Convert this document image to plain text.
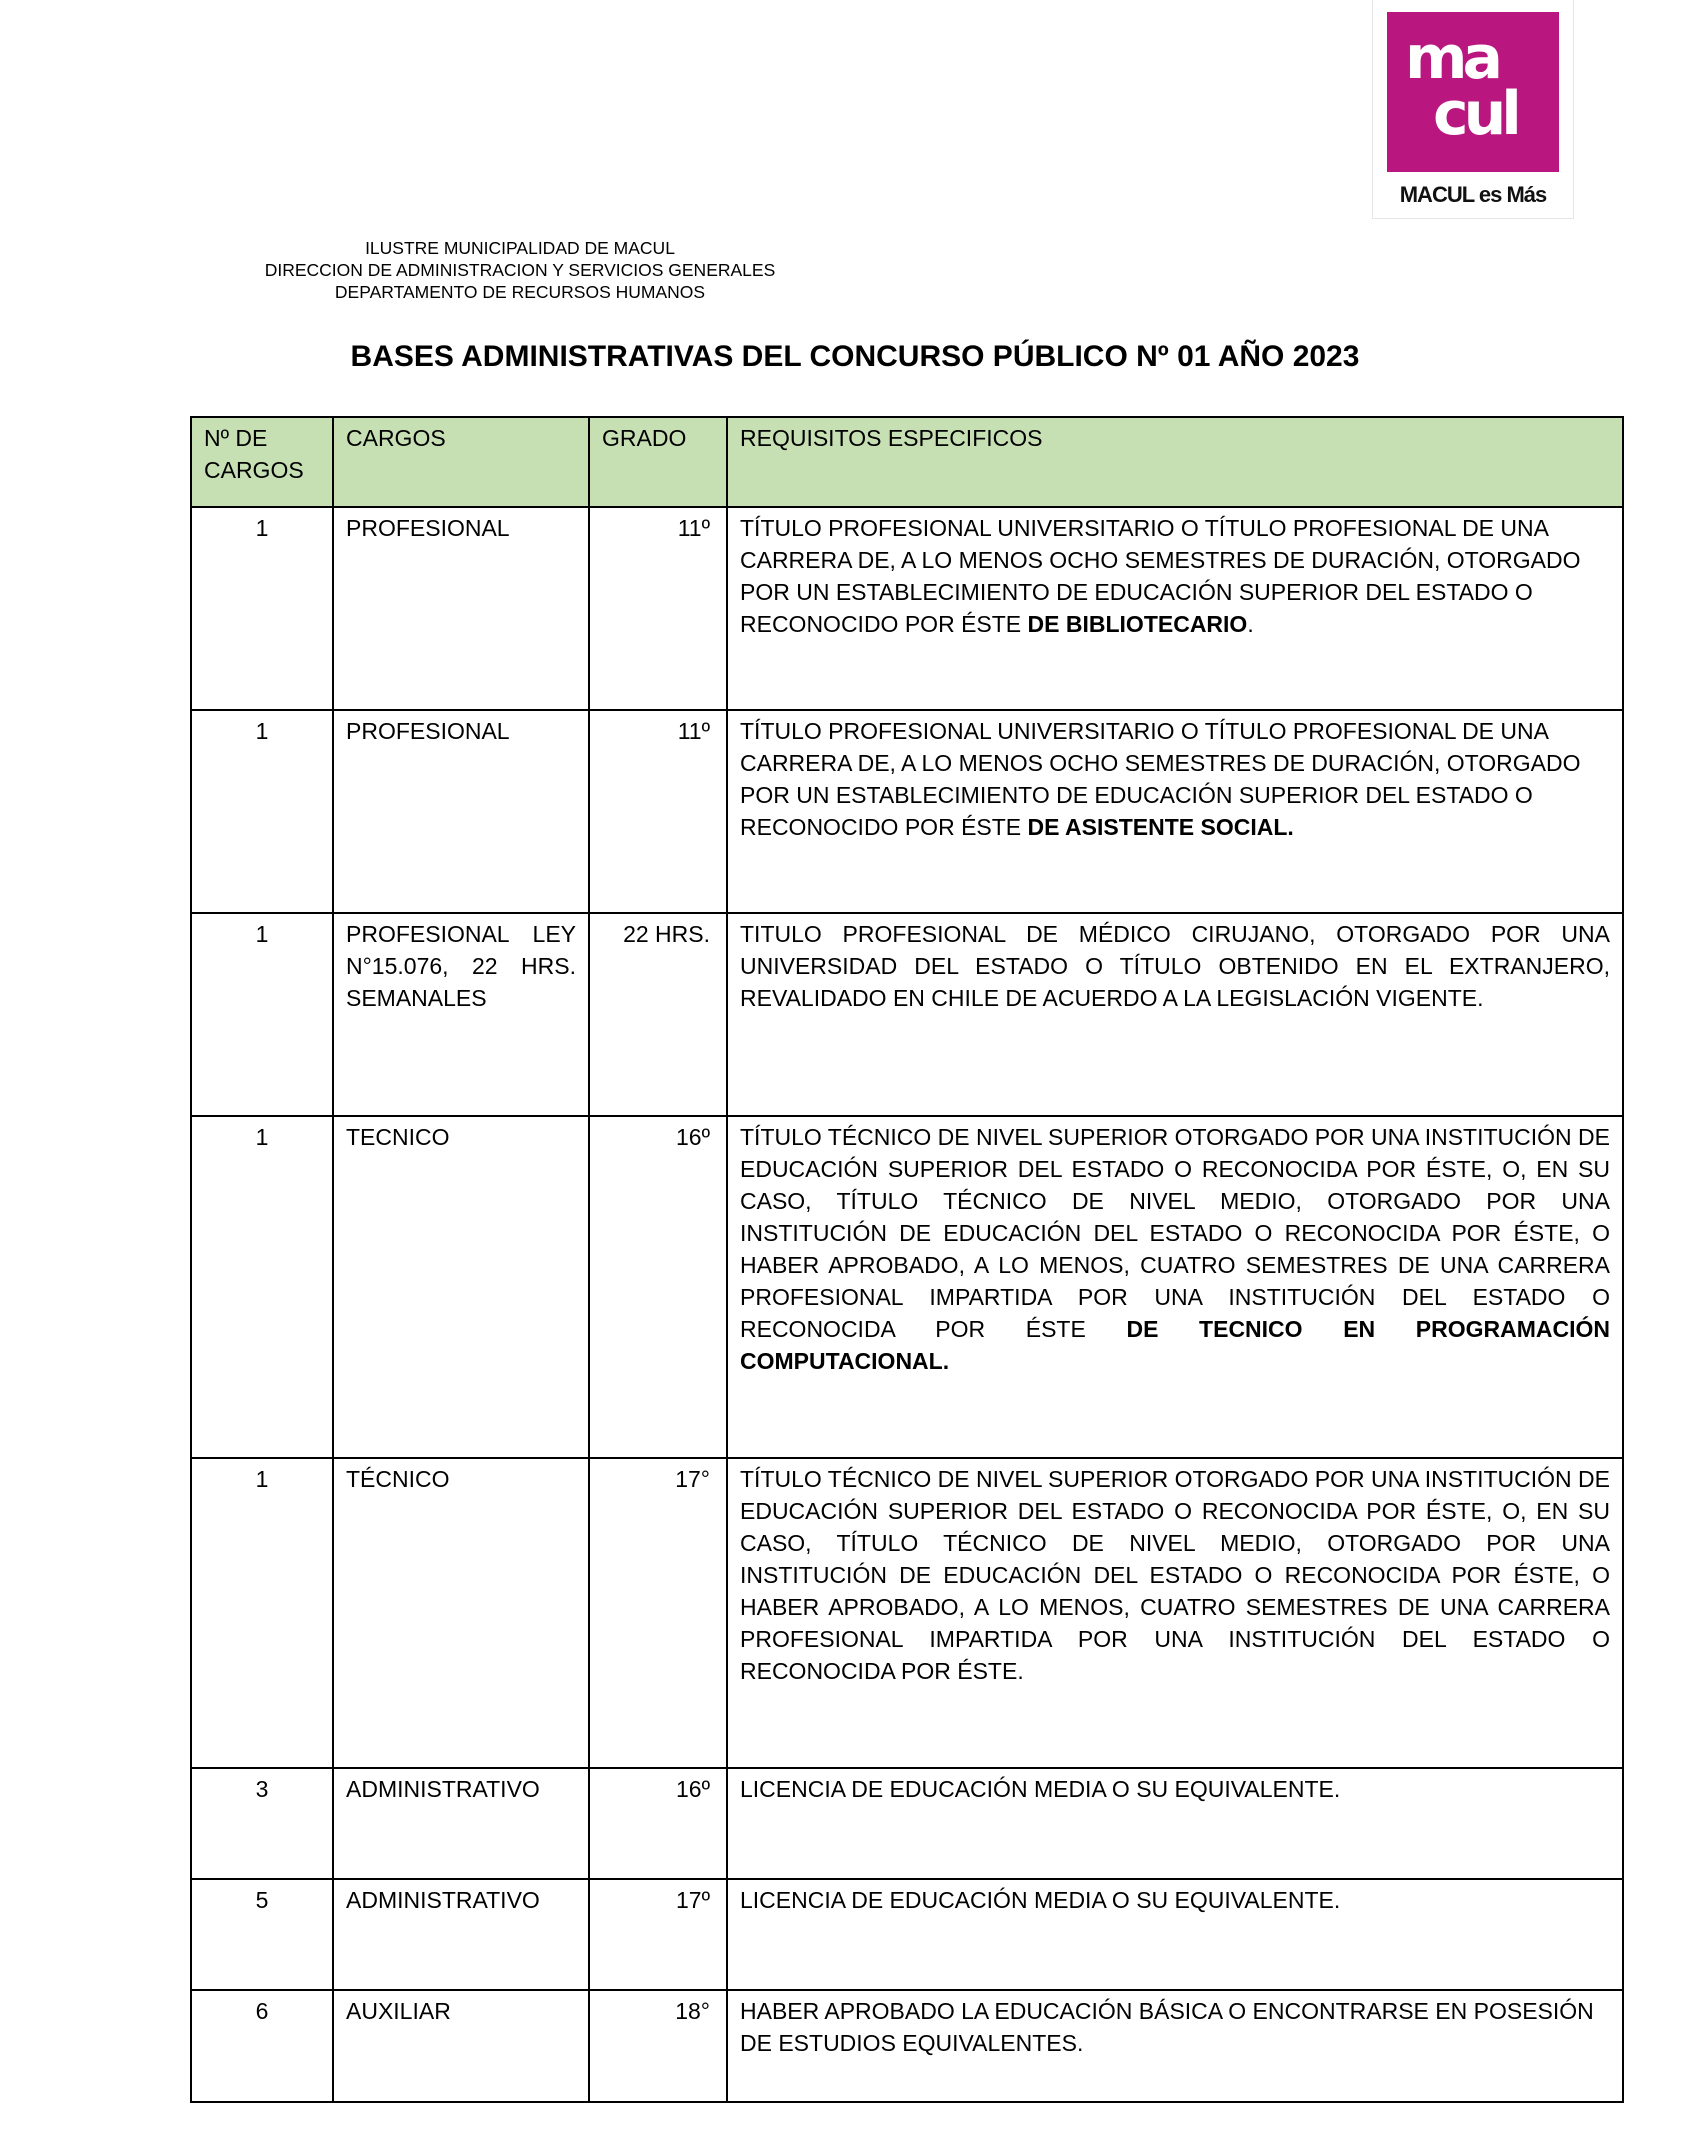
ma
cul
MACUL es Más
ILUSTRE MUNICIPALIDAD DE MACUL
DIRECCION DE ADMINISTRACION Y SERVICIOS GENERALES
DEPARTAMENTO DE RECURSOS HUMANOS
BASES ADMINISTRATIVAS DEL CONCURSO PÚBLICO Nº 01 AÑO 2023
Nº DE CARGOS	CARGOS	GRADO	REQUISITOS ESPECIFICOS
1	PROFESIONAL	11º	TÍTULO PROFESIONAL UNIVERSITARIO O TÍTULO PROFESIONAL DE UNA CARRERA DE, A LO MENOS OCHO SEMESTRES DE DURACIÓN, OTORGADO POR UN ESTABLECIMIENTO DE EDUCACIÓN SUPERIOR DEL ESTADO O RECONOCIDO POR ÉSTE DE BIBLIOTECARIO.
1	PROFESIONAL	11º	TÍTULO PROFESIONAL UNIVERSITARIO O TÍTULO PROFESIONAL DE UNA CARRERA DE, A LO MENOS OCHO SEMESTRES DE DURACIÓN, OTORGADO POR UN ESTABLECIMIENTO DE EDUCACIÓN SUPERIOR DEL ESTADO O RECONOCIDO POR ÉSTE DE ASISTENTE SOCIAL.
1	PROFESIONAL LEY N°15.076, 22 HRS. SEMANALES	22 HRS.	TITULO PROFESIONAL DE MÉDICO CIRUJANO, OTORGADO POR UNA UNIVERSIDAD DEL ESTADO O TÍTULO OBTENIDO EN EL EXTRANJERO, REVALIDADO EN CHILE DE ACUERDO A LA LEGISLACIÓN VIGENTE.
1	TECNICO	16º	TÍTULO TÉCNICO DE NIVEL SUPERIOR OTORGADO POR UNA INSTITUCIÓN DE EDUCACIÓN SUPERIOR DEL ESTADO O RECONOCIDA POR ÉSTE, O, EN SU CASO, TÍTULO TÉCNICO DE NIVEL MEDIO, OTORGADO POR UNA INSTITUCIÓN DE EDUCACIÓN DEL ESTADO O RECONOCIDA POR ÉSTE, O HABER APROBADO, A LO MENOS, CUATRO SEMESTRES DE UNA CARRERA PROFESIONAL IMPARTIDA POR UNA INSTITUCIÓN DEL ESTADO O RECONOCIDA POR ÉSTE DE TECNICO EN PROGRAMACIÓN COMPUTACIONAL.
1	TÉCNICO	17°	TÍTULO TÉCNICO DE NIVEL SUPERIOR OTORGADO POR UNA INSTITUCIÓN DE EDUCACIÓN SUPERIOR DEL ESTADO O RECONOCIDA POR ÉSTE, O, EN SU CASO, TÍTULO TÉCNICO DE NIVEL MEDIO, OTORGADO POR UNA INSTITUCIÓN DE EDUCACIÓN DEL ESTADO O RECONOCIDA POR ÉSTE, O HABER APROBADO, A LO MENOS, CUATRO SEMESTRES DE UNA CARRERA PROFESIONAL IMPARTIDA POR UNA INSTITUCIÓN DEL ESTADO O RECONOCIDA POR ÉSTE.
3	ADMINISTRATIVO	16º	LICENCIA DE EDUCACIÓN MEDIA O SU EQUIVALENTE.
5	ADMINISTRATIVO	17º	LICENCIA DE EDUCACIÓN MEDIA O SU EQUIVALENTE.
6	AUXILIAR	18°	HABER APROBADO LA EDUCACIÓN BÁSICA O ENCONTRARSE EN POSESIÓN DE ESTUDIOS EQUIVALENTES.
